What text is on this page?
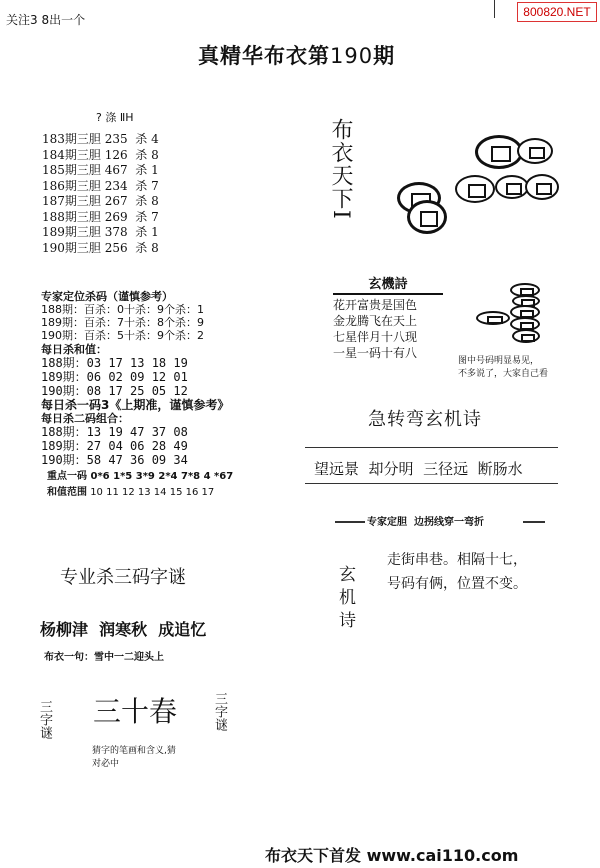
关注3 8出一个
800820.NET
真精华布衣第190期
? 涤 ⅡH
183期三胆 235  杀 4
184期三胆 126  杀 8
185期三胆 467  杀 1
186期三胆 234  杀 7
187期三胆 267  杀 8
188期三胆 269  杀 7
189期三胆 378  杀 1
190期三胆 256  杀 8
专家定位杀码（谨慎参考）
188期：百杀：0十杀：9个杀：1
189期：百杀：7十杀：8个杀：9
190期：百杀：5十杀：9个杀：2
每日杀和值：
188期：03 17 13 18 19
189期：06 02 09 12 01
190期：08 17 25 05 12
每日杀一码3《上期准，谨慎参考》
每日杀二码组合：
188期：13 19 47 37 08
189期：27 04 06 28 49
190期：58 47 36 09 34
重点一码 0*6 1*5 3*9 2*4 7*8 4 *67
和值范围 10 11 12 13 14 15 16 17
专业杀三码字谜
杨柳津  润寒秋  成追忆
布衣一句：雪中一二迎头上
三字谜 三十春	三字谜
猜字的笔画和含义,猜
对必中
布衣天下I
玄機詩
花开富贵是国色
金龙腾飞在天上
七星伴月十八现
一星一码十有八
图中号码明显易见，
不多说了，大家自己看
急转弯玄机诗
望远景  却分明  三径远  断肠水
专家定胆  边拐线穿一弯折
玄机诗
走街串巷。相隔十七，
号码有俩，位置不变。
布衣天下首发 www.cai110.com
